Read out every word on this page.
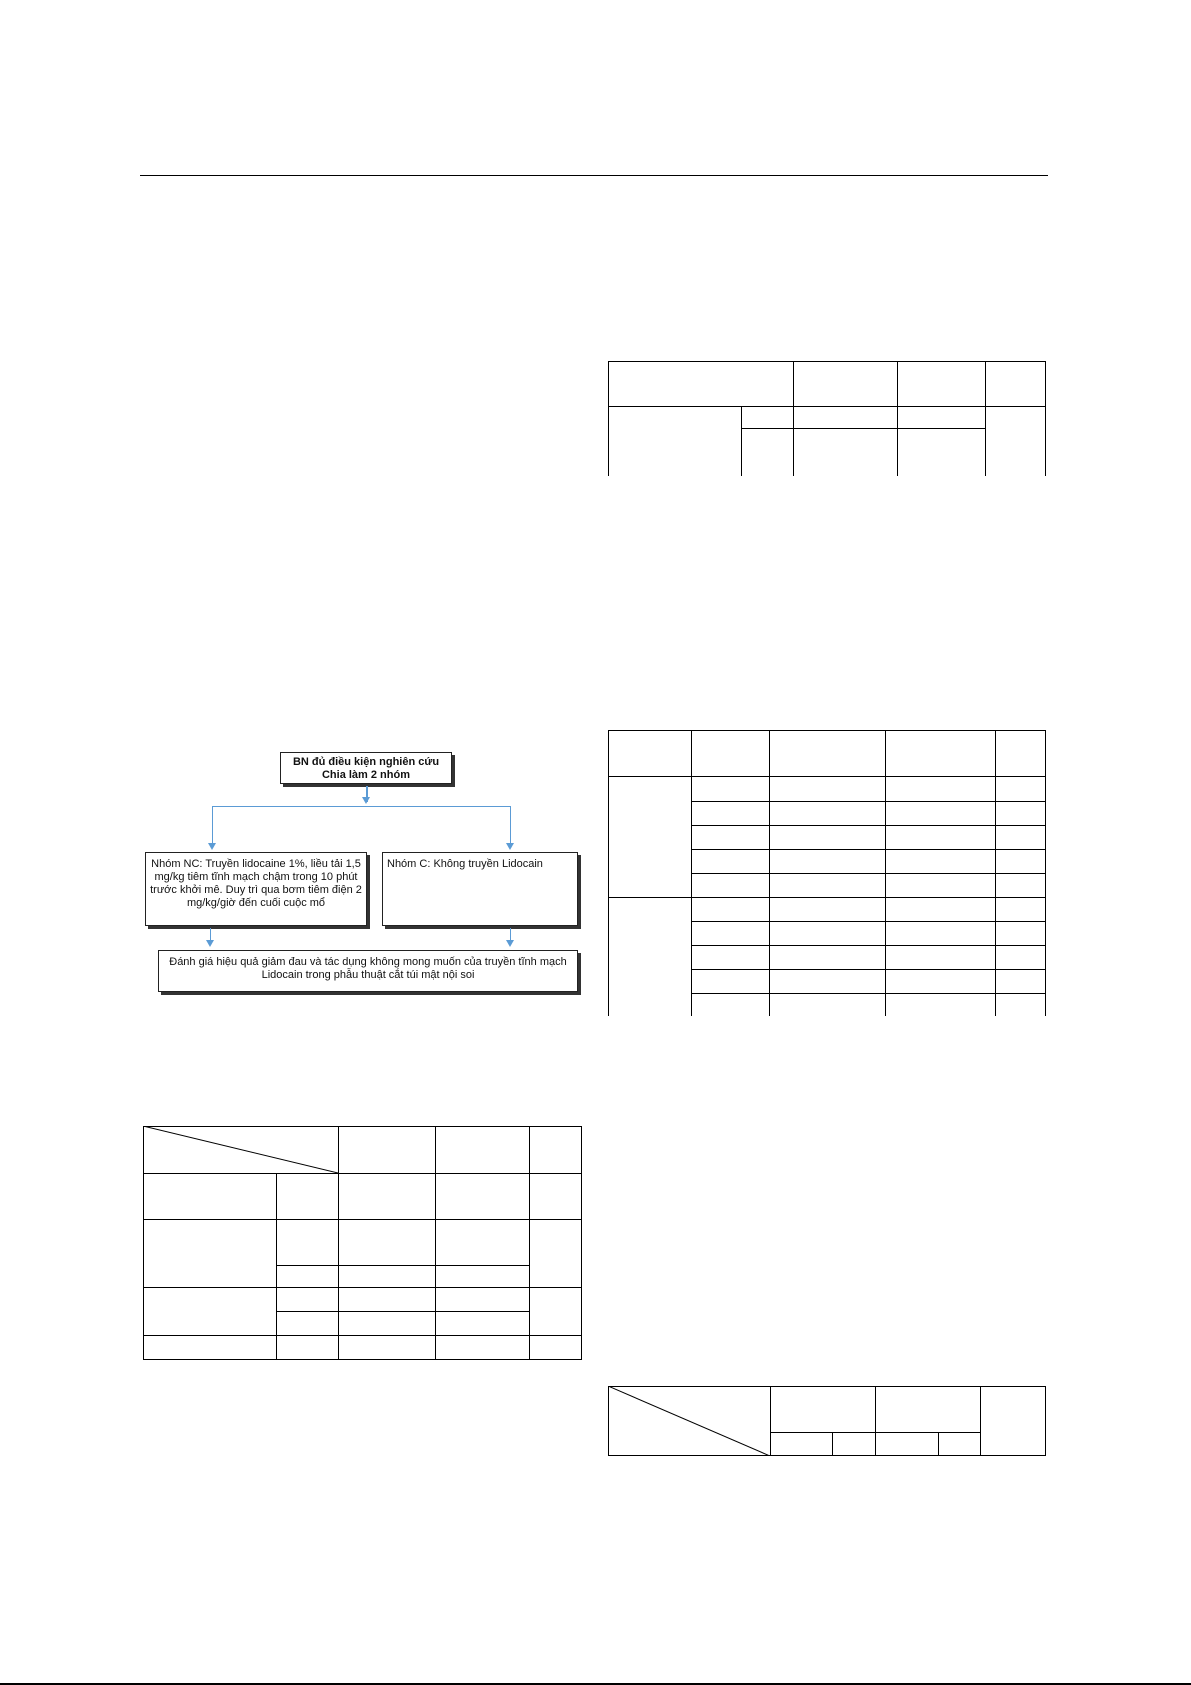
BN đủ điều kiện nghiên cứu
Chia làm 2 nhóm
Nhóm NC: Truyền lidocaine 1%, liều tải 1,5 mg/kg tiêm tĩnh mạch chậm trong 10 phút trước khởi mê. Duy trì qua bơm tiêm điện 2 mg/kg/giờ đến cuối cuộc mổ
Nhóm C: Không truyền Lidocain
Đánh giá hiệu quả giảm đau và tác dụng không mong muốn của truyền tĩnh mạch Lidocain trong phẫu thuật cắt túi mật nội soi
